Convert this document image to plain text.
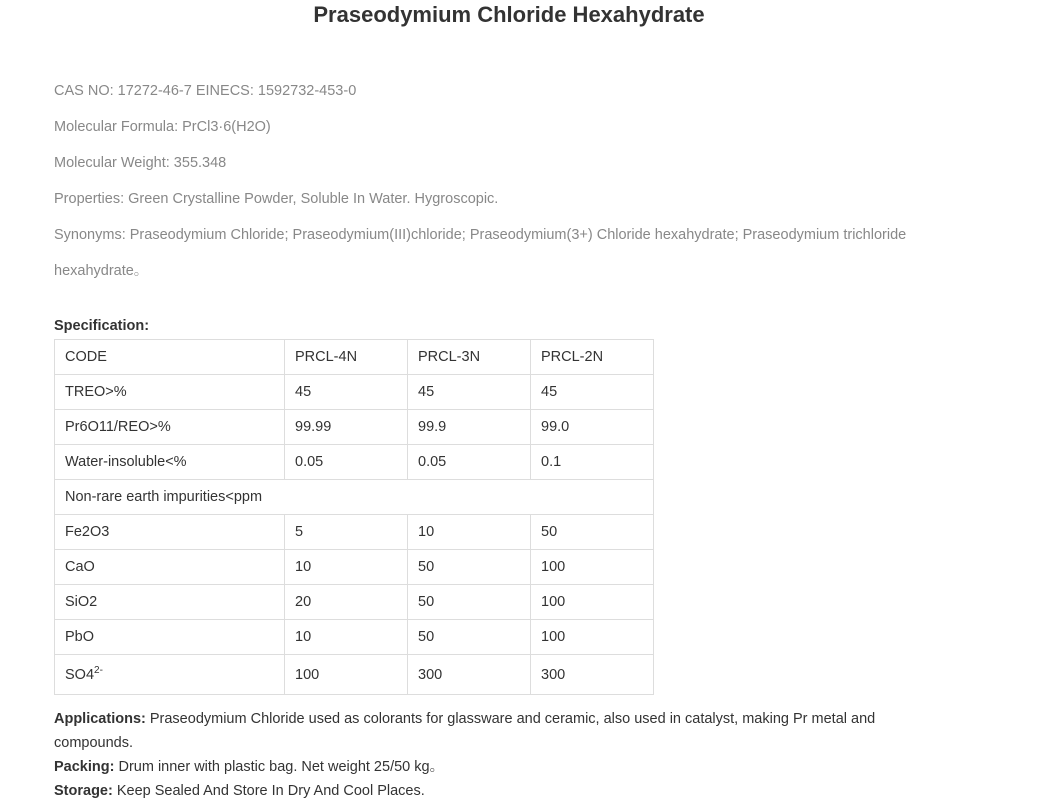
Praseodymium Chloride Hexahydrate
CAS NO: 17272-46-7 EINECS: 1592732-453-0
Molecular Formula: PrCl3·6(H2O)
Molecular Weight: 355.348
Properties: Green Crystalline Powder, Soluble In Water. Hygroscopic.
Synonyms: Praseodymium Chloride; Praseodymium(III)chloride; Praseodymium(3+) Chloride hexahydrate; Praseodymium trichloride
hexahydrate。
Specification:
CODE	PRCL-4N	PRCL-3N	PRCL-2N
TREO>%	45	45	45
Pr6O11/REO>%	99.99	99.9	99.0
Water-insoluble<%	0.05	0.05	0.1
Non-rare earth impurities<ppm			
Fe2O3	5	10	50
CaO	10	50	100
SiO2	20	50	100
PbO	10	50	100
$SO4^{2-}$	100	300	300
Applications: Praseodymium Chloride used as colorants for glassware and ceramic, also used in catalyst, making Pr metal and compounds.
Packing: Drum inner with plastic bag. Net weight 25/50 kg。
Storage: Keep Sealed And Store In Dry And Cool Places.
